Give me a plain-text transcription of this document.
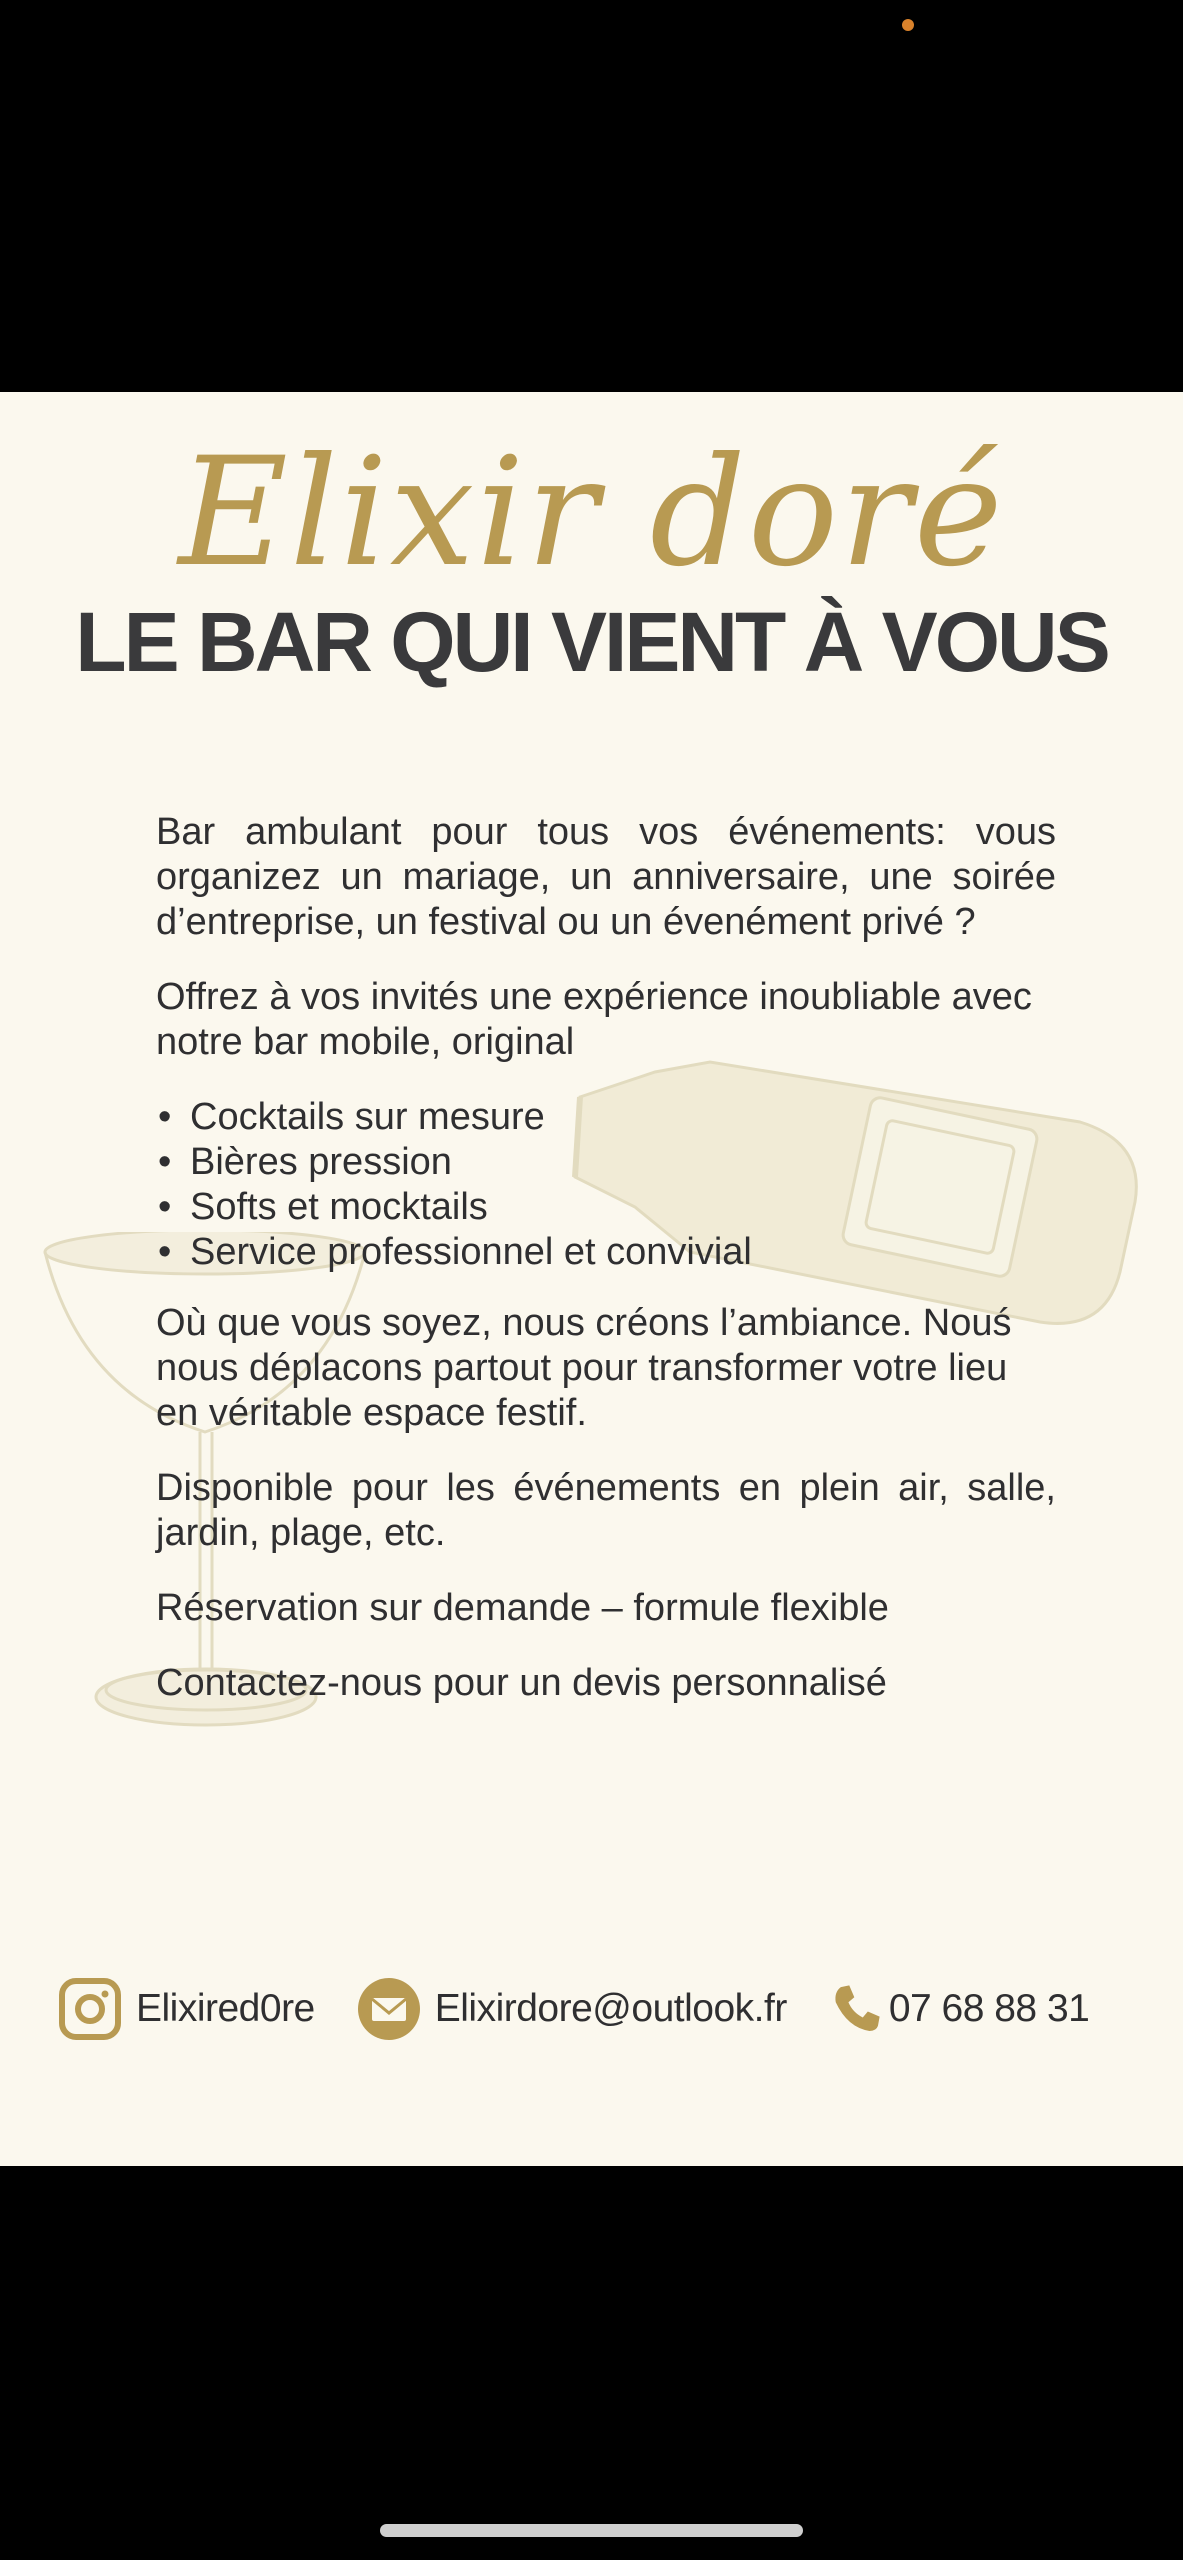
Elixir doré
LE BAR QUI VIENT À VOUS

Bar ambulant pour tous vos événements: vous organizez un mariage, un anniversaire, une soirée d’entreprise, un festival ou un évenément privé ?

Offrez à vos invités une expérience inoubliable avec notre bar mobile, original

• Cocktails sur mesure
• Bières pression
• Softs et mocktails
• Service professionnel et convivial

Où que vous soyez, nous créons l’ambiance. Nouś nous déplacons partout pour transformer votre lieu en véritable espace festif.

Disponible pour les événements en plein air, salle, jardin, plage, etc.

Réservation sur demande – formule flexible

Contactez-nous pour un devis personnalisé

Elixired0re	Elixirdore@outlook.fr	07 68 88 31
